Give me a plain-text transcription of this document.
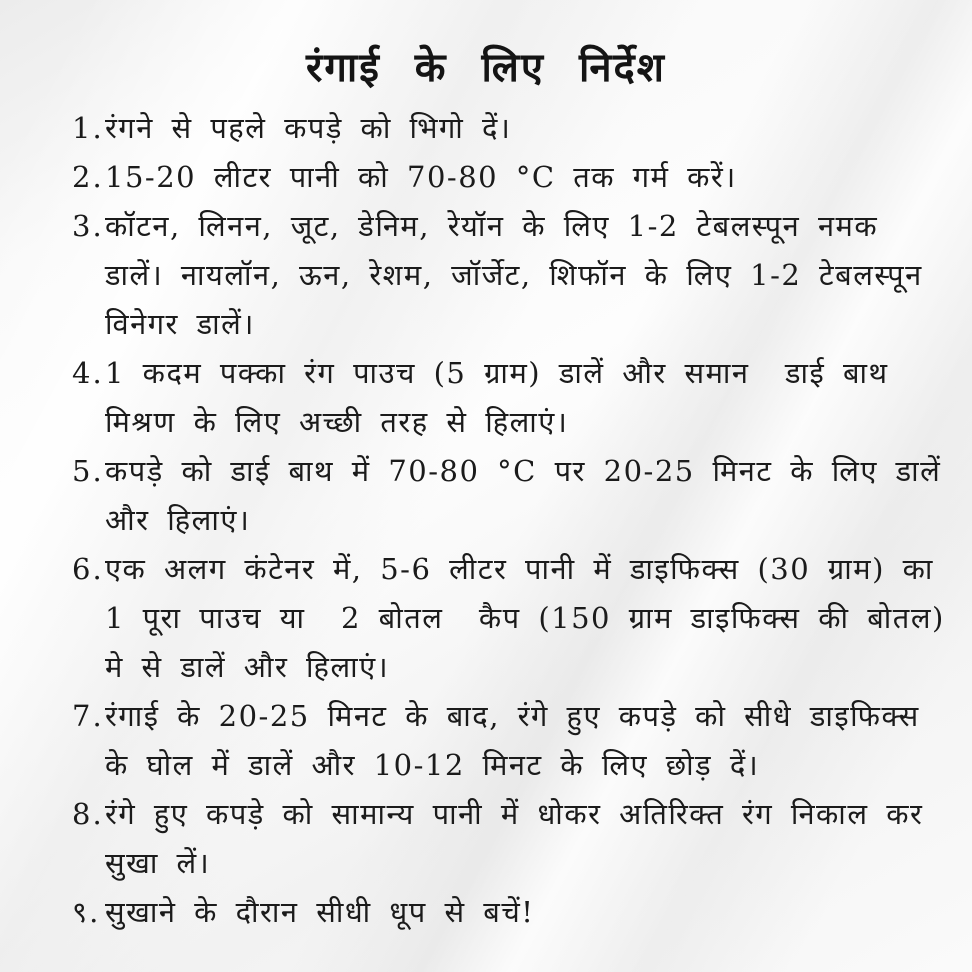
रंगाई के लिए निर्देश
1. रंगने से पहले कपड़े को भिगो दें।
2. 15-20 लीटर पानी को 70-80 °C तक गर्म करें।
3. कॉटन, लिनन, जूट, डेनिम, रेयॉन के लिए 1-2 टेबलस्पून नमक
डालें। नायलॉन, ऊन, रेशम, जॉर्जेट, शिफॉन के लिए 1-2 टेबलस्पून
विनेगर डालें।
4. 1 कदम पक्का रंग पाउच (5 ग्राम) डालें और समान  डाई बाथ
मिश्रण के लिए अच्छी तरह से हिलाएं।
5. कपड़े को डाई बाथ में 70-80 °C पर 20-25 मिनट के लिए डालें
और हिलाएं।
6. एक अलग कंटेनर में, 5-6 लीटर पानी में डाइफिक्स (30 ग्राम) का
1 पूरा पाउच या  2 बोतल  कैप (150 ग्राम डाइफिक्स की बोतल)
मे से डालें और हिलाएं।
7. रंगाई के 20-25 मिनट के बाद, रंगे हुए कपड़े को सीधे डाइफिक्स
के घोल में डालें और 10-12 मिनट के लिए छोड़ दें।
8. रंगे हुए कपड़े को सामान्य पानी में धोकर अतिरिक्त रंग निकाल कर
सुखा लें।
९. सुखाने के दौरान सीधी धूप से बचें!
